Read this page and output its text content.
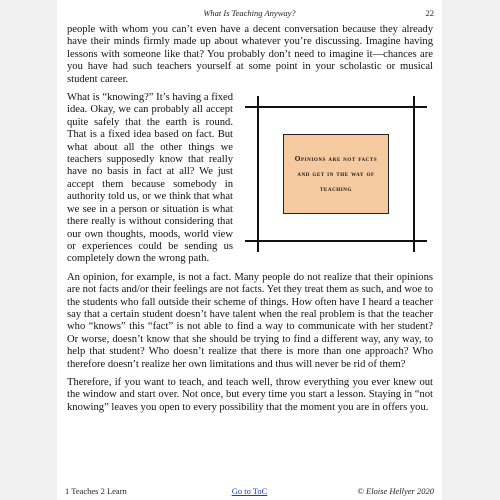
What Is Teaching Anyway?	22

people with whom you can’t even have a decent conversation because they already have their minds firmly made up about whatever you’re discussing. Imagine having lessons with someone like that? You probably don’t need to imagine it—chances are you have had such teachers yourself at some point in your scholastic or musical student career.

Opinions are not facts and get in the way of teaching

What is “knowing?” It’s having a fixed idea. Okay, we can probably all accept quite safely that the earth is round. That is a fixed idea based on fact. But what about all the other things we teachers supposedly know that really have no basis in fact at all? We just accept them because somebody in authority told us, or we think that what we see in a person or situation is what there really is without considering that our own thoughts, moods, world view or experiences could be sending us completely down the wrong path.

An opinion, for example, is not a fact. Many people do not realize that their opinions are not facts and/or their feelings are not facts. Yet they treat them as such, and woe to the students who fall outside their scheme of things. How often have I heard a teacher say that a certain student doesn’t have talent when the real problem is that the teacher who “knows” this “fact” is not able to find a way to communicate with her student? Or worse, doesn’t know that she should be trying to find a different way, any way, to help that student? Who doesn’t realize that there is more than one approach? Who therefore doesn’t realize her own limitations and thus will never be rid of them?

Therefore, if you want to teach, and teach well, throw everything you ever knew out the window and start over. Not once, but every time you start a lesson. Staying in “not knowing” leaves you open to every possibility that the moment you are in offers you.

1 Teaches 2 Learn	Go to ToC	© Eloise Hellyer 2020
